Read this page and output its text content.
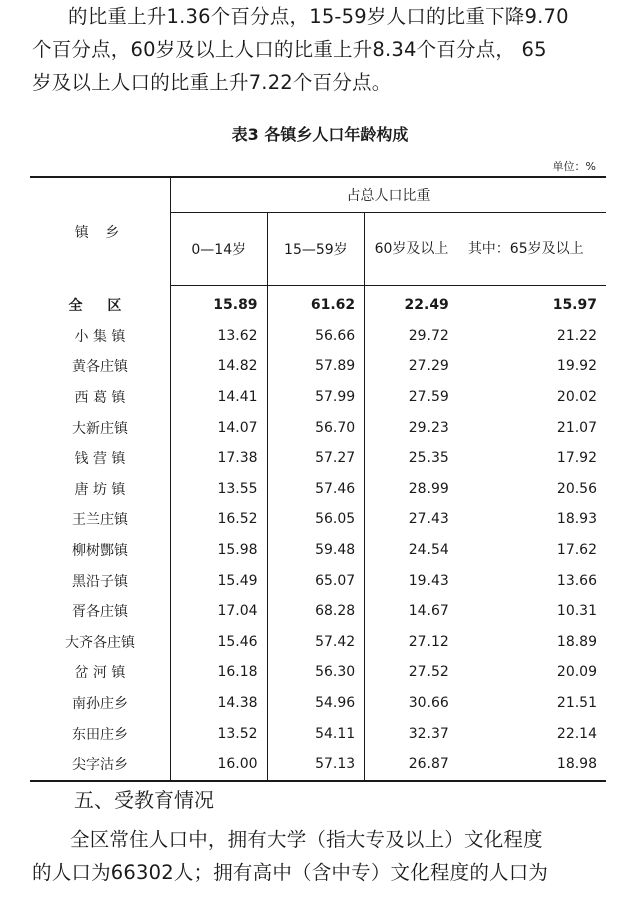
的比重上升1.36个百分点，15-59岁人口的比重下降9.70
个百分点，60岁及以上人口的比重上升8.34个百分点， 65
岁及以上人口的比重上升7.22个百分点。
表3 各镇乡人口年龄构成
单位：%
镇 乡	占总人口比重			
	0—14岁	15—59岁	60岁及以上	其中：65岁及以上
全 区	15.89	61.62	22.49	15.97
小 集 镇	13.62	56.66	29.72	21.22
黄各庄镇	14.82	57.89	27.29	19.92
西 葛 镇	14.41	57.99	27.59	20.02
大新庄镇	14.07	56.70	29.23	21.07
钱 营 镇	17.38	57.27	25.35	17.92
唐 坊 镇	13.55	57.46	28.99	20.56
王兰庄镇	16.52	56.05	27.43	18.93
柳树酆镇	15.98	59.48	24.54	17.62
黑沿子镇	15.49	65.07	19.43	13.66
胥各庄镇	17.04	68.28	14.67	10.31
大齐各庄镇	15.46	57.42	27.12	18.89
岔 河 镇	16.18	56.30	27.52	20.09
南孙庄乡	14.38	54.96	30.66	21.51
东田庄乡	13.52	54.11	32.37	22.14
尖字沽乡	16.00	57.13	26.87	18.98
五、受教育情况
全区常住人口中，拥有大学（指大专及以上）文化程度
的人口为66302人；拥有高中（含中专）文化程度的人口为
